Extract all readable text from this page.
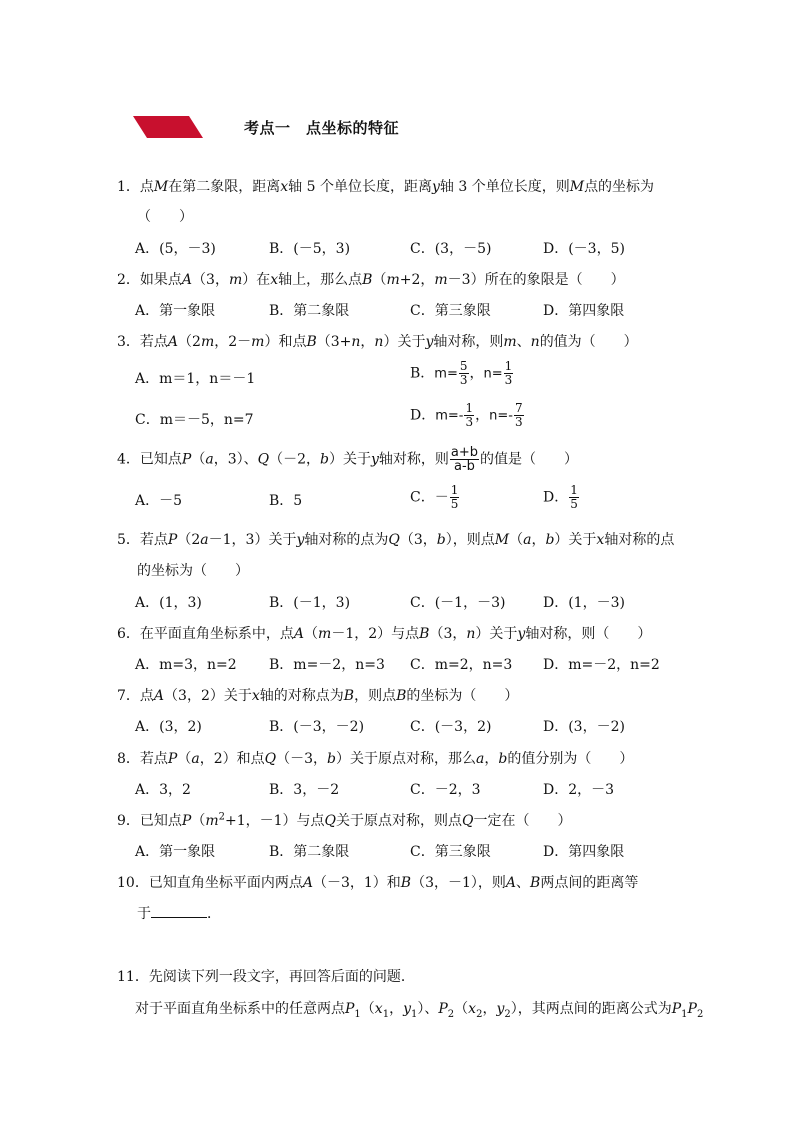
考点一　点坐标的特征
1．点M在第二象限，距离x轴 5 个单位长度，距离y轴 3 个单位长度，则M点的坐标为
（　　）
A．(5，－3)	B．(－5，3)	C．(3，－5)	D．(－3，5)
2．如果点A（3，m）在x轴上，那么点B（m+2，m－3）所在的象限是（　　）
A．第一象限	B．第二象限	C．第三象限	D．第四象限
3．若点A（2m，2－m）和点B（3+n，n）关于y轴对称，则m、n的值为（　　）
A．m＝1，n＝－1	B．$m= \frac{5}{3}$ ，$n= \frac{1}{3}$
C．m＝－5，n=7	D．$m=- \frac{1}{3}$ ，$n=- \frac{7}{3}$
4．已知点P（a，3）、Q（－2，b）关于y轴对称，则 $\frac{a+b}{a-b}$ 的值是（　　）
A．－5	B．5	C．－ $\frac{1}{5}$	D． $\frac{1}{5}$
5．若点P（2a－1，3）关于y轴对称的点为Q（3，b），则点M（a，b）关于x轴对称的点
的坐标为（　　）
A．(1，3)	B．(－1，3)	C．(－1，－3)	D．(1，－3)
6．在平面直角坐标系中，点A（m－1，2）与点B（3，n）关于y轴对称，则（　　）
A．m=3，n=2 B．m=－2，n=3 C．m=2，n=3 D．m=－2，n=2
7．点A（3，2）关于x轴的对称点为B，则点B的坐标为（　　）
A．(3，2)	B．(－3，－2)	C．(－3，2)	D．(3，－2)
8．若点P（a，2）和点Q（－3，b）关于原点对称，那么a，b的值分别为（　　）
A．3，2	B．3，－2	C．－2，3	D．2，－3
9．已知点$P(m^2+1$，－1）与点Q关于原点对称，则点Q一定在（　　）
A．第一象限	B．第二象限	C．第三象限	D．第四象限
10．已知直角坐标平面内两点A（－3，1）和B（3，－1），则A、B两点间的距离等
于	．
11．先阅读下列一段文字，再回答后面的问题．
对于平面直角坐标系中的任意两点$P_1(x_1$，$y_1$）、$P_2(x_2$，$y_2$），其两点间的距离公式为$P_1P_2$
